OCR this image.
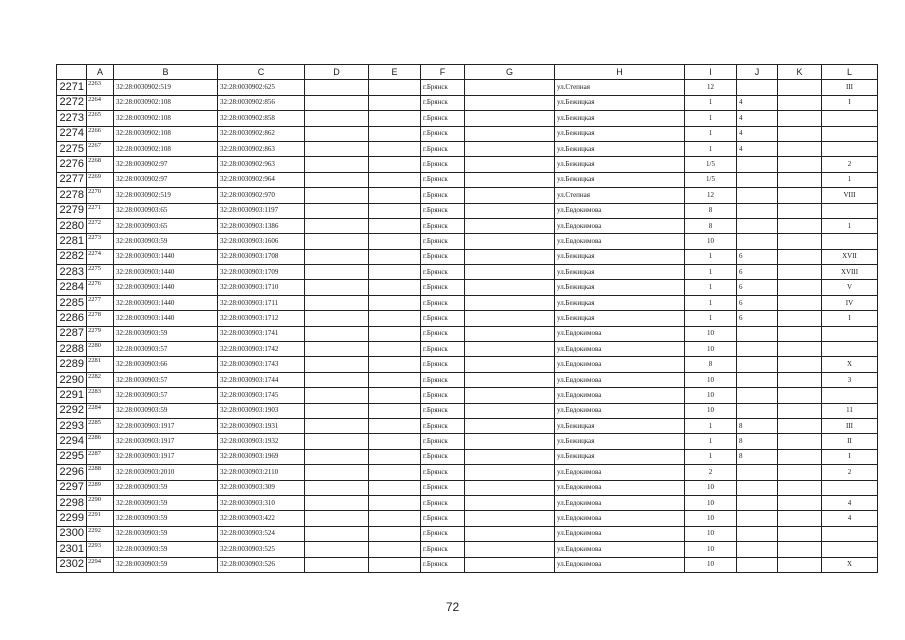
	A	B	C	D	E	F	G	H	I	J	K	L
2271	2263	32:28:0030902:519	32:28:0030902:625			г.Брянск		ул.Степная	12			III
2272	2264	32:28:0030902:108	32:28:0030902:856			г.Брянск		ул.Бежицкая	1	4		I
2273	2265	32:28:0030902:108	32:28:0030902:858			г.Брянск		ул.Бежицкая	1	4		
2274	2266	32:28:0030902:108	32:28:0030902:862			г.Брянск		ул.Бежицкая	1	4		
2275	2267	32:28:0030902:108	32:28:0030902:863			г.Брянск		ул.Бежицкая	1	4		
2276	2268	32:28:0030902:97	32:28:0030902:963			г.Брянск		ул.Бежицкая	1/5			2
2277	2269	32:28:0030902:97	32:28:0030902:964			г.Брянск		ул.Бежицкая	1/5			1
2278	2270	32:28:0030902:519	32:28:0030902:970			г.Брянск		ул.Степная	12			VIII
2279	2271	32:28:0030903:65	32:28:0030903:1197			г.Брянск		ул.Евдокимова	8			
2280	2272	32:28:0030903:65	32:28:0030903:1386			г.Брянск		ул.Евдокимова	8			1
2281	2273	32:28:0030903:59	32:28:0030903:1606			г.Брянск		ул.Евдокимова	10			
2282	2274	32:28:0030903:1440	32:28:0030903:1708			г.Брянск		ул.Бежицкая	1	6		XVII
2283	2275	32:28:0030903:1440	32:28:0030903:1709			г.Брянск		ул.Бежицкая	1	6		XVIII
2284	2276	32:28:0030903:1440	32:28:0030903:1710			г.Брянск		ул.Бежицкая	1	6		V
2285	2277	32:28:0030903:1440	32:28:0030903:1711			г.Брянск		ул.Бежицкая	1	6		IV
2286	2278	32:28:0030903:1440	32:28:0030903:1712			г.Брянск		ул.Бежицкая	1	6		I
2287	2279	32:28:0030903:59	32:28:0030903:1741			г.Брянск		ул.Евдокимова	10			
2288	2280	32:28:0030903:57	32:28:0030903:1742			г.Брянск		ул.Евдокимова	10			
2289	2281	32:28:0030903:66	32:28:0030903:1743			г.Брянск		ул.Евдокимова	8			X
2290	2282	32:28:0030903:57	32:28:0030903:1744			г.Брянск		ул.Евдокимова	10			3
2291	2283	32:28:0030903:57	32:28:0030903:1745			г.Брянск		ул.Евдокимова	10			
2292	2284	32:28:0030903:59	32:28:0030903:1903			г.Брянск		ул.Евдокимова	10			11
2293	2285	32:28:0030903:1917	32:28:0030903:1931			г.Брянск		ул.Бежицкая	1	8		III
2294	2286	32:28:0030903:1917	32:28:0030903:1932			г.Брянск		ул.Бежицкая	1	8		II
2295	2287	32:28:0030903:1917	32:28:0030903:1969			г.Брянск		ул.Бежицкая	1	8		I
2296	2288	32:28:0030903:2010	32:28:0030903:2110			г.Брянск		ул.Евдокимова	2			2
2297	2289	32:28:0030903:59	32:28:0030903:309			г.Брянск		ул.Евдокимова	10			
2298	2290	32:28:0030903:59	32:28:0030903:310			г.Брянск		ул.Евдокимова	10			4
2299	2291	32:28:0030903:59	32:28:0030903:422			г.Брянск		ул.Евдокимова	10			4
2300	2292	32:28:0030903:59	32:28:0030903:524			г.Брянск		ул.Евдокимова	10			
2301	2293	32:28:0030903:59	32:28:0030903:525			г.Брянск		ул.Евдокимова	10			
2302	2294	32:28:0030903:59	32:28:0030903:526			г.Брянск		ул.Евдокимова	10			X
72
